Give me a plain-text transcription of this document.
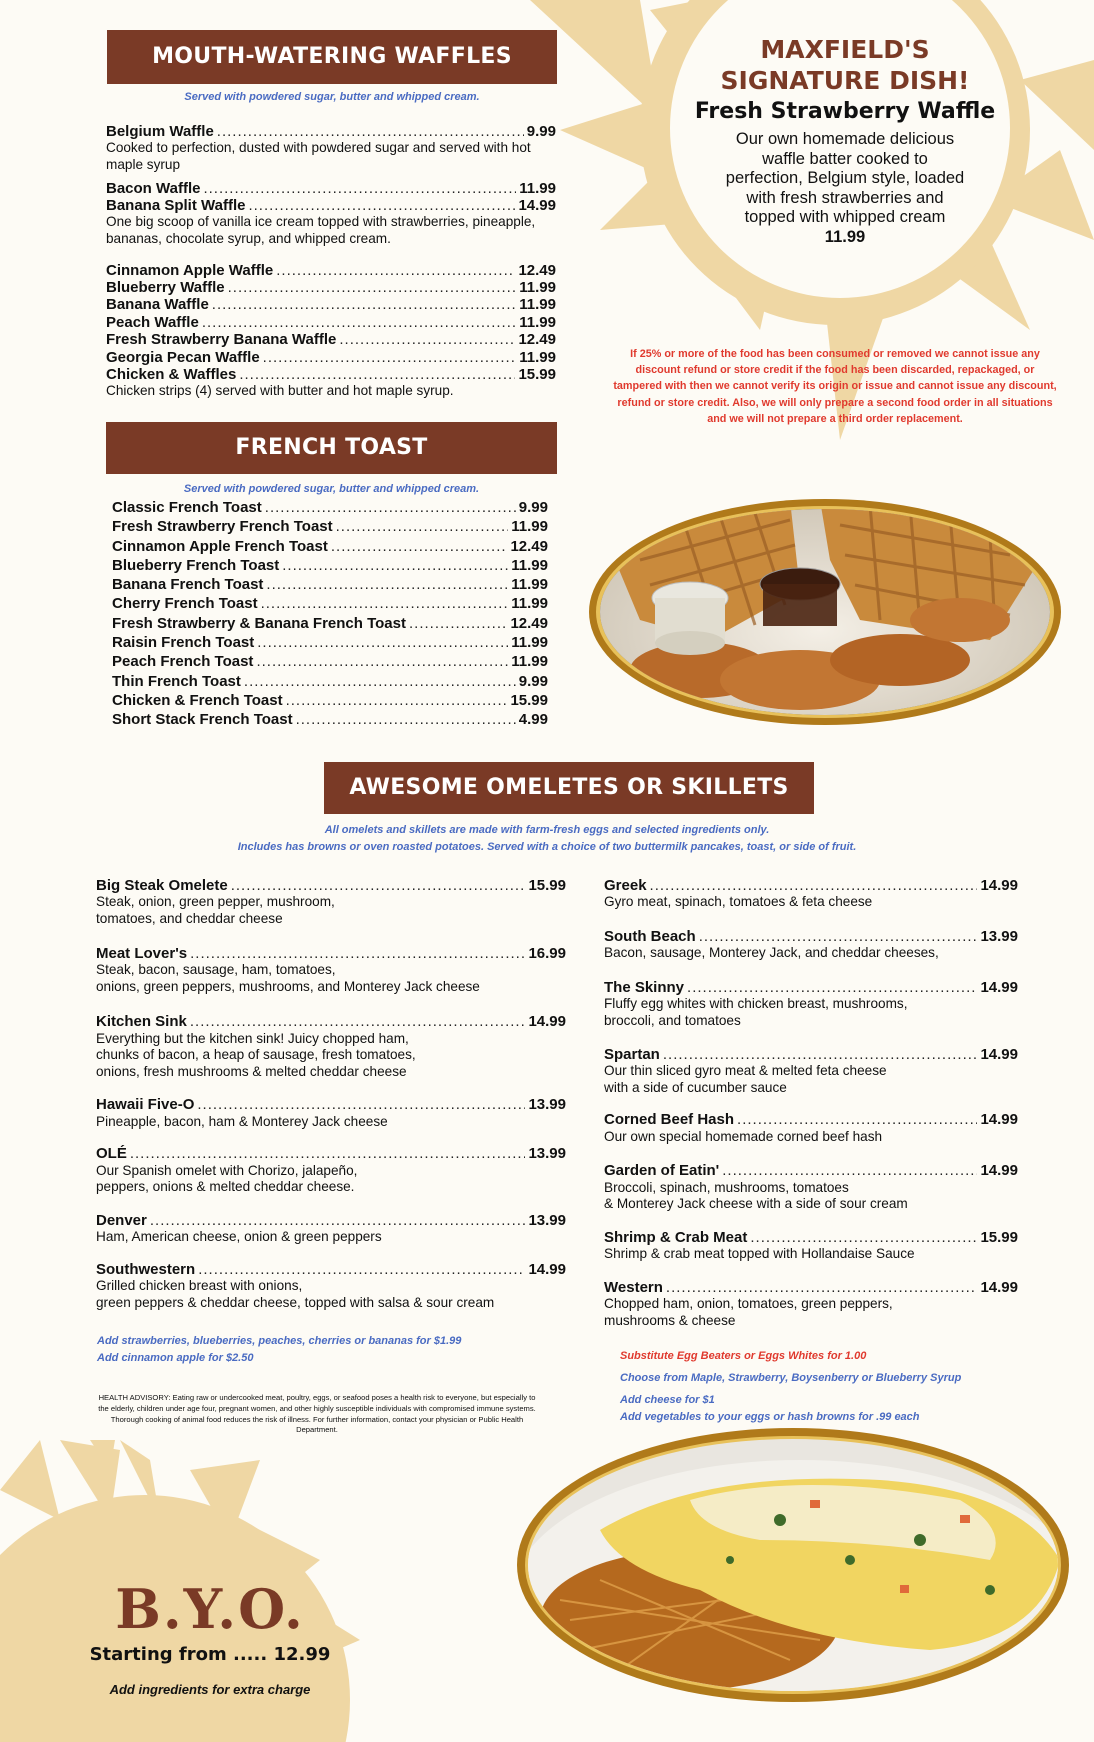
MOUTH-WATERING WAFFLES
Served with powdered sugar, butter and whipped cream.
Belgium Waffle .....	9.99
Cooked to perfection, dusted with powdered sugar and served with hot
maple syrup
Bacon Waffle .....	11.99
Banana Split Waffle .....	14.99
One big scoop of vanilla ice cream topped with strawberries, pineapple,
bananas, chocolate syrup, and whipped cream.
Cinnamon Apple Waffle .....	12.49
Blueberry Waffle .....	11.99
Banana Waffle .....	11.99
Peach Waffle .....	11.99
Fresh Strawberry Banana Waffle .....	12.49
Georgia Pecan Waffle .....	11.99
Chicken & Waffles .....	15.99
Chicken strips (4) served with butter and hot maple syrup.
FRENCH TOAST
Served with powdered sugar, butter and whipped cream.
Classic French Toast .....	9.99
Fresh Strawberry French Toast .....	11.99
Cinnamon Apple French Toast .....	12.49
Blueberry French Toast .....	11.99
Banana French Toast .....	11.99
Cherry French Toast .....	11.99
Fresh Strawberry & Banana French Toast .....	12.49
Raisin French Toast .....	11.99
Peach French Toast .....	11.99
Thin French Toast .....	9.99
Chicken & French Toast .....	15.99
Short Stack French Toast .....	4.99
MAXFIELD'S
SIGNATURE DISH!
Fresh Strawberry Waffle
Our own homemade delicious
waffle batter cooked to
perfection, Belgium style, loaded
with fresh strawberries and
topped with whipped cream
11.99
If 25% or more of the food has been consumed or removed we cannot issue any discount refund or store credit if the food has been discarded, repackaged, or tampered with then we cannot verify its origin or issue and cannot issue any discount, refund or store credit. Also, we will only prepare a second food order in all situations and we will not prepare a third order replacement.
AWESOME OMELETES OR SKILLETS
All omelets and skillets are made with farm-fresh eggs and selected ingredients only.
Includes has browns or oven roasted potatoes. Served with a choice of two buttermilk pancakes, toast, or side of fruit.
Big Steak Omelete .....	15.99
Steak, onion, green pepper, mushroom,
tomatoes, and cheddar cheese
Meat Lover's .....	16.99
Steak, bacon, sausage, ham, tomatoes,
onions, green peppers, mushrooms, and Monterey Jack cheese
Kitchen Sink .....	14.99
Everything but the kitchen sink! Juicy chopped ham,
chunks of bacon, a heap of sausage, fresh tomatoes,
onions, fresh mushrooms & melted cheddar cheese
Hawaii Five-O .....	13.99
Pineapple, bacon, ham & Monterey Jack cheese
OLÉ .....	13.99
Our Spanish omelet with Chorizo, jalapeño,
peppers, onions & melted cheddar cheese.
Denver .....	13.99
Ham, American cheese, onion & green peppers
Southwestern .....	14.99
Grilled chicken breast with onions,
green peppers & cheddar cheese, topped with salsa & sour cream
Greek .....	14.99
Gyro meat, spinach, tomatoes & feta cheese
South Beach .....	13.99
Bacon, sausage, Monterey Jack, and cheddar cheeses,
The Skinny .....	14.99
Fluffy egg whites with chicken breast, mushrooms,
broccoli, and tomatoes
Spartan .....	14.99
Our thin sliced gyro meat & melted feta cheese
with a side of cucumber sauce
Corned Beef Hash .....	14.99
Our own special homemade corned beef hash
Garden of Eatin' .....	14.99
Broccoli, spinach, mushrooms, tomatoes
& Monterey Jack cheese with a side of sour cream
Shrimp & Crab Meat .....	15.99
Shrimp & crab meat topped with Hollandaise Sauce
Western .....	14.99
Chopped ham, onion, tomatoes, green peppers,
mushrooms & cheese
Add strawberries, blueberries, peaches, cherries or bananas for $1.99
Add cinnamon apple for $2.50	Substitute Egg Beaters or Eggs Whites for 1.00
Choose from Maple, Strawberry, Boysenberry or Blueberry Syrup
Add cheese for $1
Add vegetables to your eggs or hash browns for .99 each
HEALTH ADVISORY: Eating raw or undercooked meat, poultry, eggs, or seafood poses a health risk to everyone, but especially to the elderly, children under age four, pregnant women, and other highly susceptible individuals with compromised immune systems. Thorough cooking of animal food reduces the risk of illness. For further information, contact your physician or Public Health Department.
B.Y.O.
Starting from ..... 12.99
Add ingredients for extra charge
